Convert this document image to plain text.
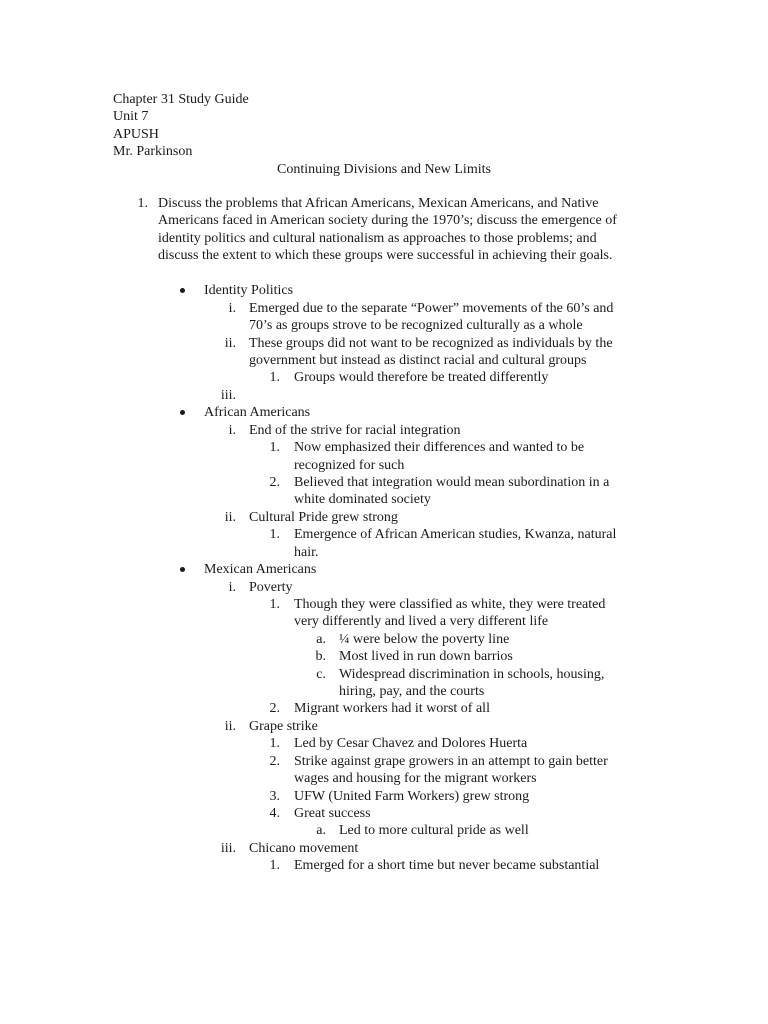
Chapter 31 Study Guide
Unit 7
APUSH
Mr. Parkinson
Continuing Divisions and New Limits
1. Discuss the problems that African Americans, Mexican Americans, and Native
Americans faced in American society during the 1970’s; discuss the emergence of
identity politics and cultural nationalism as approaches to those problems; and
discuss the extent to which these groups were successful in achieving their goals.
Identity Politics
i. Emerged due to the separate “Power” movements of the 60’s and
70’s as groups strove to be recognized culturally as a whole
ii. These groups did not want to be recognized as individuals by the
government but instead as distinct racial and cultural groups
1. Groups would therefore be treated differently
iii.
African Americans
i. End of the strive for racial integration
1. Now emphasized their differences and wanted to be
recognized for such
2. Believed that integration would mean subordination in a
white dominated society
ii. Cultural Pride grew strong
1. Emergence of African American studies, Kwanza, natural
hair.
Mexican Americans
i. Poverty
1. Though they were classified as white, they were treated
very differently and lived a very different life
a. ¼ were below the poverty line
b. Most lived in run down barrios
c. Widespread discrimination in schools, housing,
hiring, pay, and the courts
2. Migrant workers had it worst of all
ii. Grape strike
1. Led by Cesar Chavez and Dolores Huerta
2. Strike against grape growers in an attempt to gain better
wages and housing for the migrant workers
3. UFW (United Farm Workers) grew strong
4. Great success
a. Led to more cultural pride as well
iii. Chicano movement
1. Emerged for a short time but never became substantial
